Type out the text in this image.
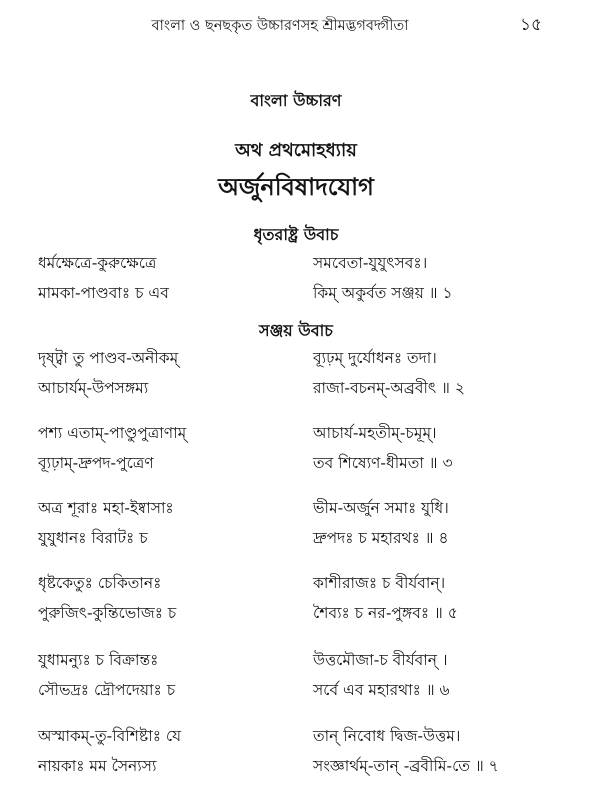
বাংলা ও ছনছকৃত উচ্চারণসহ শ্রীমদ্ভগবদ্গীতা	১৫
বাংলা উচ্চারণ
অথ প্রথমোহধ্যায়
অর্জুনবিষাদযোগ
ধৃতরাষ্ট্র উবাচ
ধর্মক্ষেত্রে-কুরুক্ষেত্রে	সমবেতা-যুযুৎসবঃ।
মামকা-পাণ্ডবাঃ চ এব	কিম্ অকুর্বত সঞ্জয় ॥ ১
সঞ্জয় উবাচ
দৃষ্ট্বা তু পাণ্ডব-অনীকম্	ব্যূঢ়ম্ দুর্যোধনঃ তদা।
আচার্যম্-উপসঙ্গম্য	রাজা-বচনম্-অব্রবীৎ ॥ ২
পশ্য এতাম্-পাণ্ডুপুত্রাণাম্	আচার্য-মহতীম্-চমূম্।
ব্যূঢ়াম্-দ্রুপদ-পুত্রেণ	তব শিষ্যেণ-ধীমতা ॥ ৩
অত্র শূরাঃ মহা-ইষ্বাসাঃ	ভীম-অর্জুন সমাঃ যুধি।
যুযুধানঃ বিরাটঃ চ	দ্রুপদঃ চ মহারথঃ ॥ ৪
ধৃষ্টকেতুঃ চেকিতানঃ	কাশীরাজঃ চ বীর্যবান্।
পুরুজিৎ-কুন্তিভোজঃ চ	শৈব্যঃ চ নর-পুঙ্গবঃ ॥ ৫
যুধামন্যুঃ চ বিক্রান্তঃ	উত্তমৌজা-চ বীর্যবান্ ।
সৌভদ্রঃ দ্রৌপদেয়াঃ চ	সর্বে এব মহারথাঃ ॥ ৬
অস্মাকম্-তু-বিশিষ্টাঃ যে	তান্ নিবোধ দ্বিজ-উত্তম।
নায়কাঃ মম সৈন্যস্য	সংজ্ঞার্থম্-তান্ -ব্রবীমি-তে ॥ ৭
